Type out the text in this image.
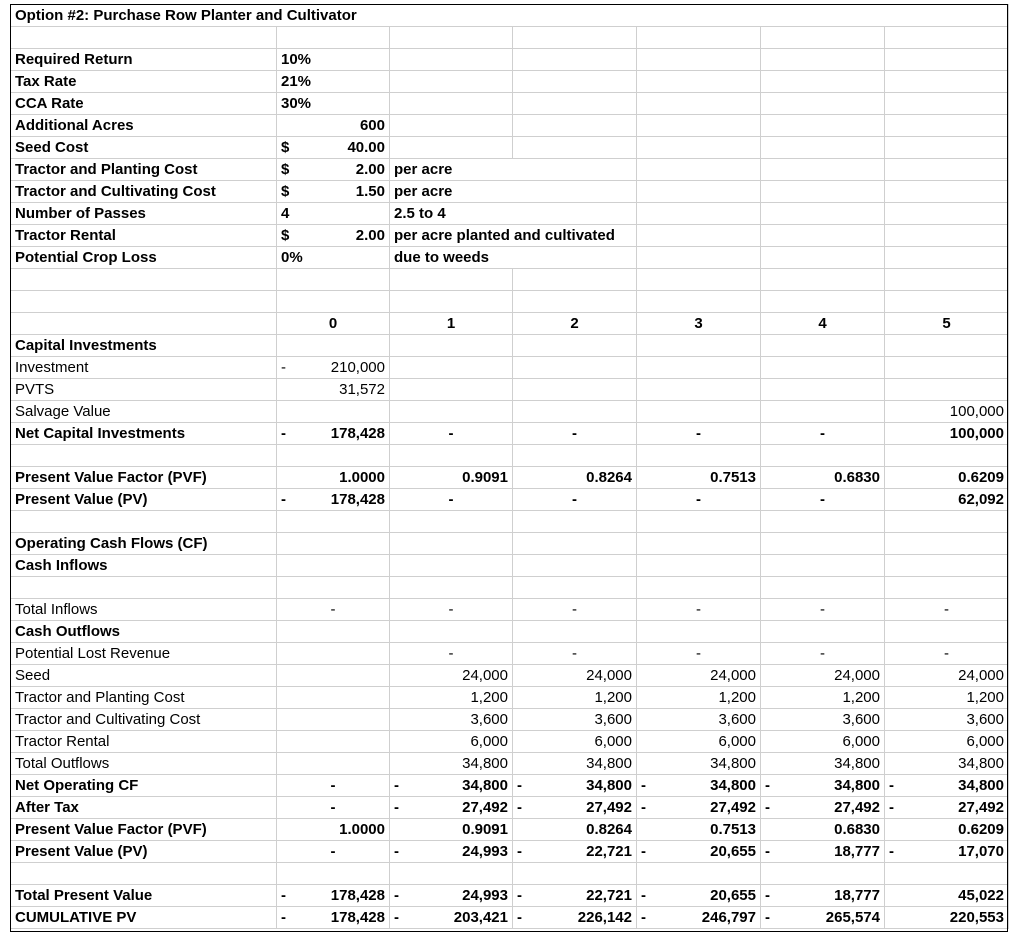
Option #2: Purchase Row Planter and Cultivator						

Required Return	10%					
Tax Rate	21%					
CCA Rate	30%					
Additional Acres	600					
Seed Cost	$ 40.00					

Tractor and Planting Cost	$ 2.00	per acre				
Tractor and Cultivating Cost	$ 1.50	per acre				
Number of Passes	4	2.5 to 4				
Tractor Rental	$ 2.00	per acre planted and cultivated				
Potential Crop Loss	0%	due to weeds				

	0	1	2	3	4	5
Capital Investments						
Investment	- 210,000					

PVTS	31,572					
Salvage Value						100,000
Net Capital Investments	- 178,428	-	-	-	-	100,000

Present Value Factor (PVF)	1.0000	0.9091	0.8264	0.7513	0.6830	0.6209
Present Value (PV)	- 178,428	-	-	-	-	62,092

Operating Cash Flows (CF)						
Cash Inflows						

Total Inflows	-	-	-	-	-	-
Cash Outflows						
Potential Lost Revenue		-	-	-	-	-
Seed		24,000	24,000	24,000	24,000	24,000
Tractor and Planting Cost		1,200	1,200	1,200	1,200	1,200
Tractor and Cultivating Cost		3,600	3,600	3,600	3,600	3,600
Tractor Rental		6,000	6,000	6,000	6,000	6,000
Total Outflows		34,800	34,800	34,800	34,800	34,800
Net Operating CF	-	- 34,800	- 34,800	- 34,800	- 34,800	- 34,800

After Tax	-	- 27,492	- 27,492	- 27,492	- 27,492	- 27,492

Present Value Factor (PVF)	1.0000	0.9091	0.8264	0.7513	0.6830	0.6209
Present Value (PV)	-	- 24,993	- 22,721	- 20,655	- 18,777	- 17,070

Total Present Value	- 178,428	- 24,993	- 22,721	- 20,655	- 18,777	45,022
CUMULATIVE PV	- 178,428	- 203,421	- 226,142	- 246,797	- 265,574	220,553
